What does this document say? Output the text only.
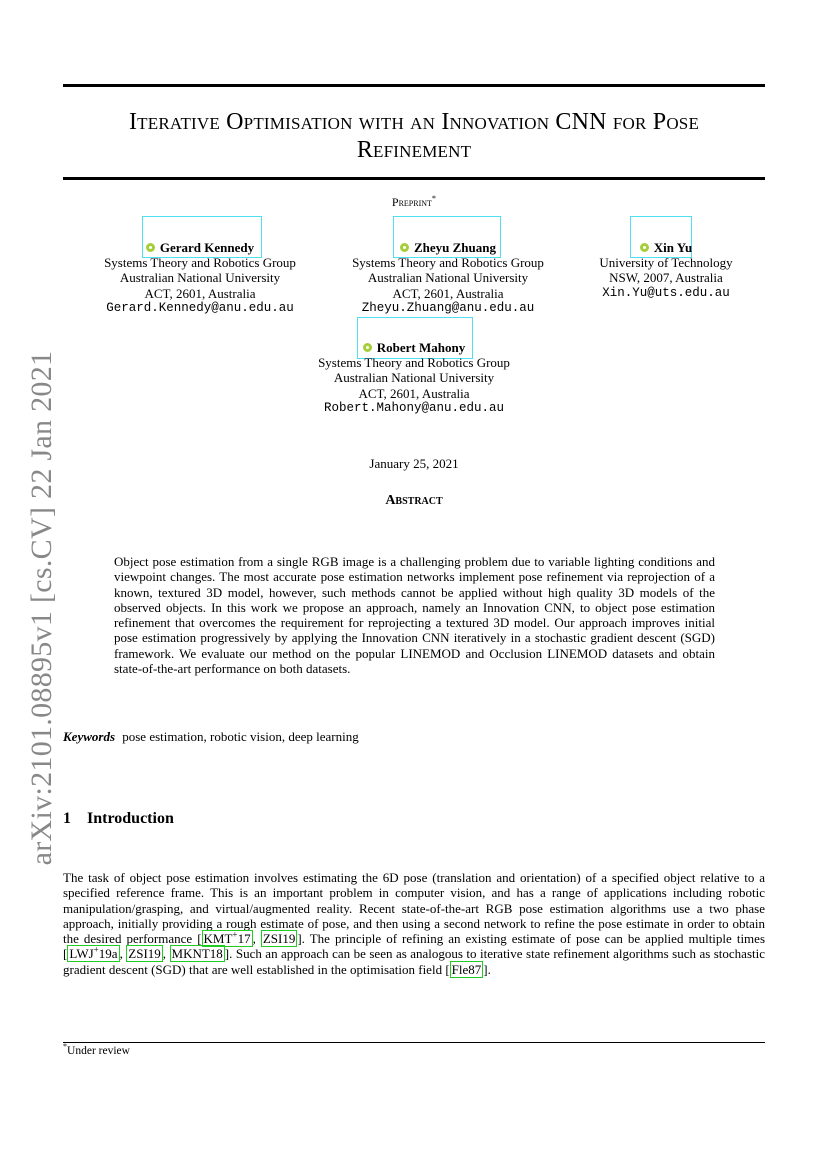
arXiv:2101.08895v1 [cs.CV] 22 Jan 2021
Iterative Optimisation with an Innovation CNN for Pose
Refinement
Preprint*
Gerard Kennedy
Systems Theory and Robotics Group
Australian National University
ACT, 2601, Australia
Gerard.Kennedy@anu.edu.au
Zheyu Zhuang
Systems Theory and Robotics Group
Australian National University
ACT, 2601, Australia
Zheyu.Zhuang@anu.edu.au
Xin Yu
University of Technology
NSW, 2007, Australia
Xin.Yu@uts.edu.au
Robert Mahony
Systems Theory and Robotics Group
Australian National University
ACT, 2601, Australia
Robert.Mahony@anu.edu.au
January 25, 2021
Abstract
Object pose estimation from a single RGB image is a challenging problem due to variable lighting conditions and viewpoint changes. The most accurate pose estimation networks implement pose refinement via reprojection of a known, textured 3D model, however, such methods cannot be applied without high quality 3D models of the observed objects. In this work we propose an approach, namely an Innovation CNN, to object pose estimation refinement that overcomes the requirement for reprojecting a textured 3D model. Our approach improves initial pose estimation progressively by applying the Innovation CNN iteratively in a stochastic gradient descent (SGD) framework. We evaluate our method on the popular LINEMOD and Occlusion LINEMOD datasets and obtain state-of-the-art performance on both datasets.
Keywords pose estimation, robotic vision, deep learning
1 Introduction
The task of object pose estimation involves estimating the 6D pose (translation and orientation) of a specified object relative to a specified reference frame. This is an important problem in computer vision, and has a range of applications including robotic manipulation/grasping, and virtual/augmented reality. Recent state-of-the-art RGB pose estimation algorithms use a two phase approach, initially providing a rough estimate of pose, and then using a second network to refine the pose estimate in order to obtain the desired performance [ KMT+17 , ZSI19 ]. The principle of refining an existing estimate of pose can be applied multiple times [ LWJ+19a , ZSI19 , MKNT18 ]. Such an approach can be seen as analogous to iterative state refinement algorithms such as stochastic gradient descent (SGD) that are well established in the optimisation field [ Fle87 ].
*Under review
